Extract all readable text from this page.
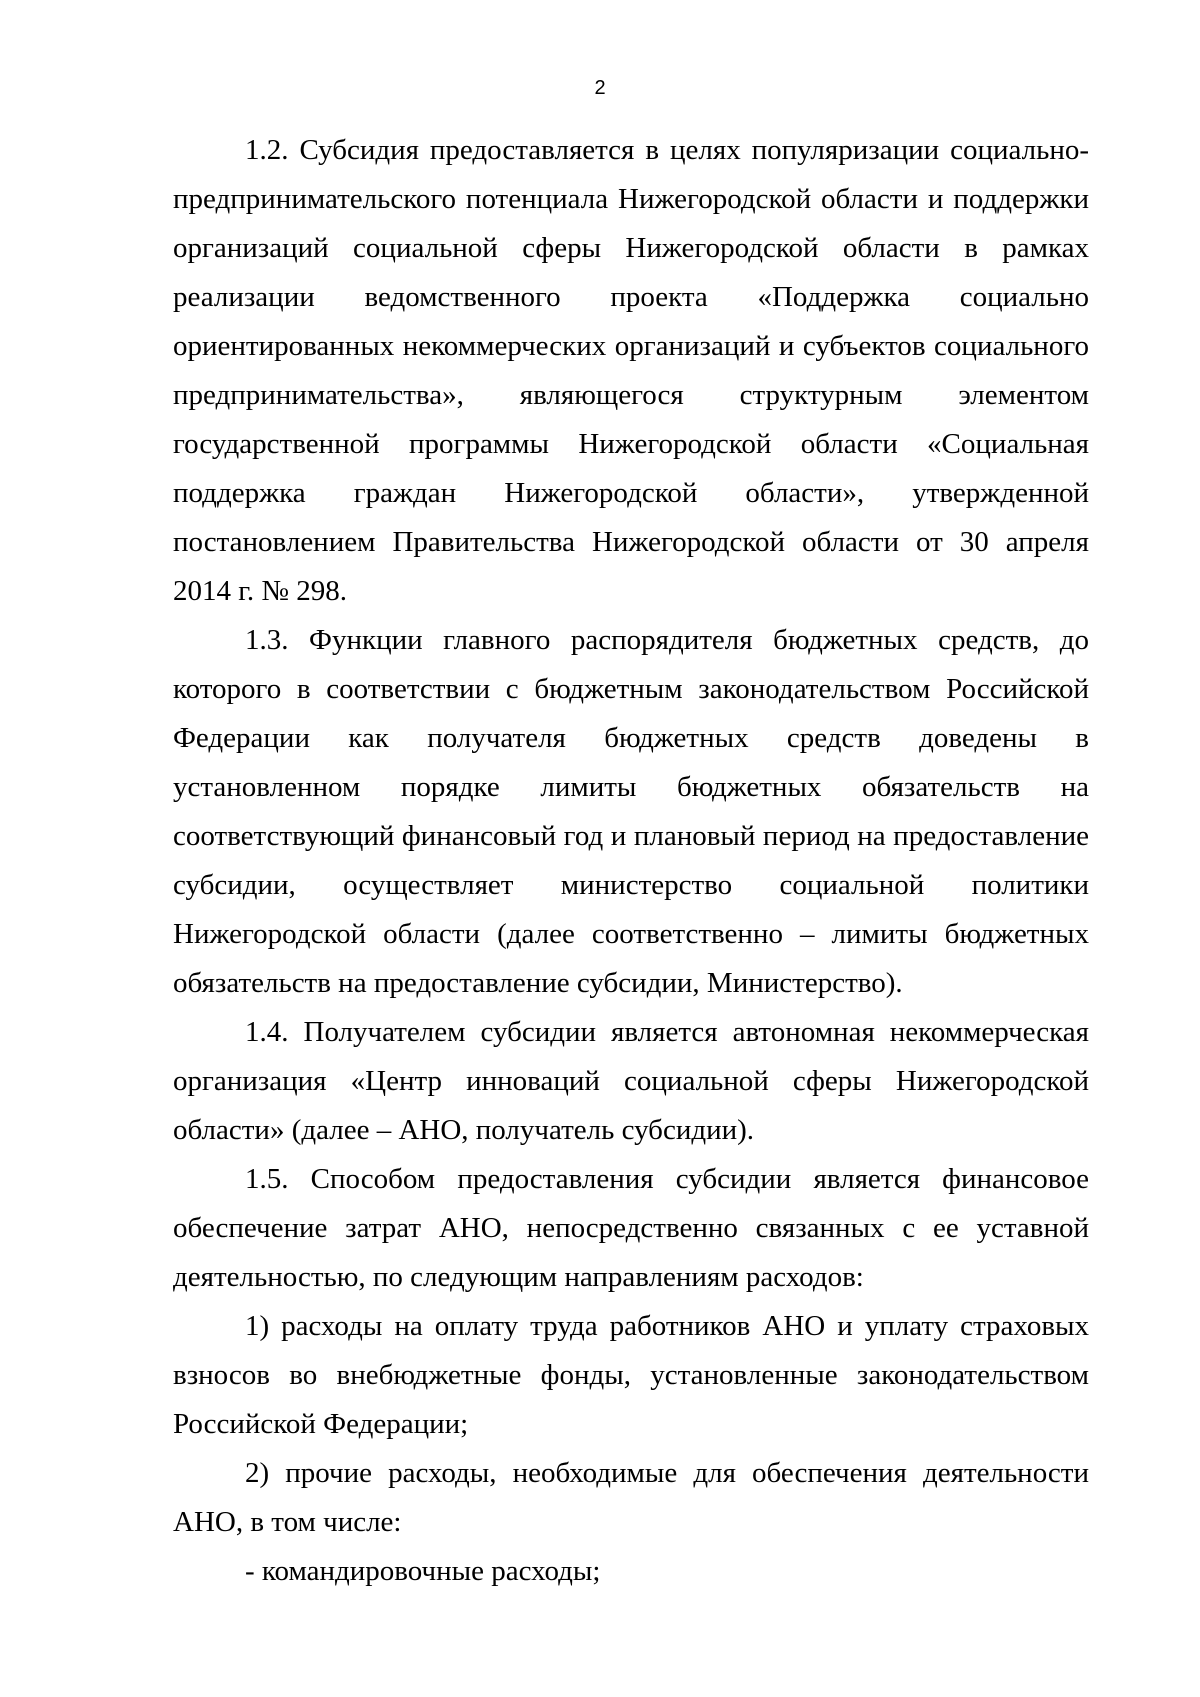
2

1.2. Субсидия предоставляется в целях популяризации социально-предпринимательского потенциала Нижегородской области и поддержки организаций социальной сферы Нижегородской области в рамках реализации ведомственного проекта «Поддержка социально ориентированных некоммерческих организаций и субъектов социального предпринимательства», являющегося структурным элементом государственной программы Нижегородской области «Социальная поддержка граждан Нижегородской области», утвержденной постановлением Правительства Нижегородской области от 30 апреля 2014 г. № 298.

1.3. Функции главного распорядителя бюджетных средств, до которого в соответствии с бюджетным законодательством Российской Федерации как получателя бюджетных средств доведены в установленном порядке лимиты бюджетных обязательств на соответствующий финансовый год и плановый период на предоставление субсидии, осуществляет министерство социальной политики Нижегородской области (далее соответственно – лимиты бюджетных обязательств на предоставление субсидии, Министерство).

1.4. Получателем субсидии является автономная некоммерческая организация «Центр инноваций социальной сферы Нижегородской области» (далее – АНО, получатель субсидии).

1.5. Способом предоставления субсидии является финансовое обеспечение затрат АНО, непосредственно связанных с ее уставной деятельностью, по следующим направлениям расходов:

1) расходы на оплату труда работников АНО и уплату страховых взносов во внебюджетные фонды, установленные законодательством Российской Федерации;

2) прочие расходы, необходимые для обеспечения деятельности АНО, в том числе:

- командировочные расходы;
